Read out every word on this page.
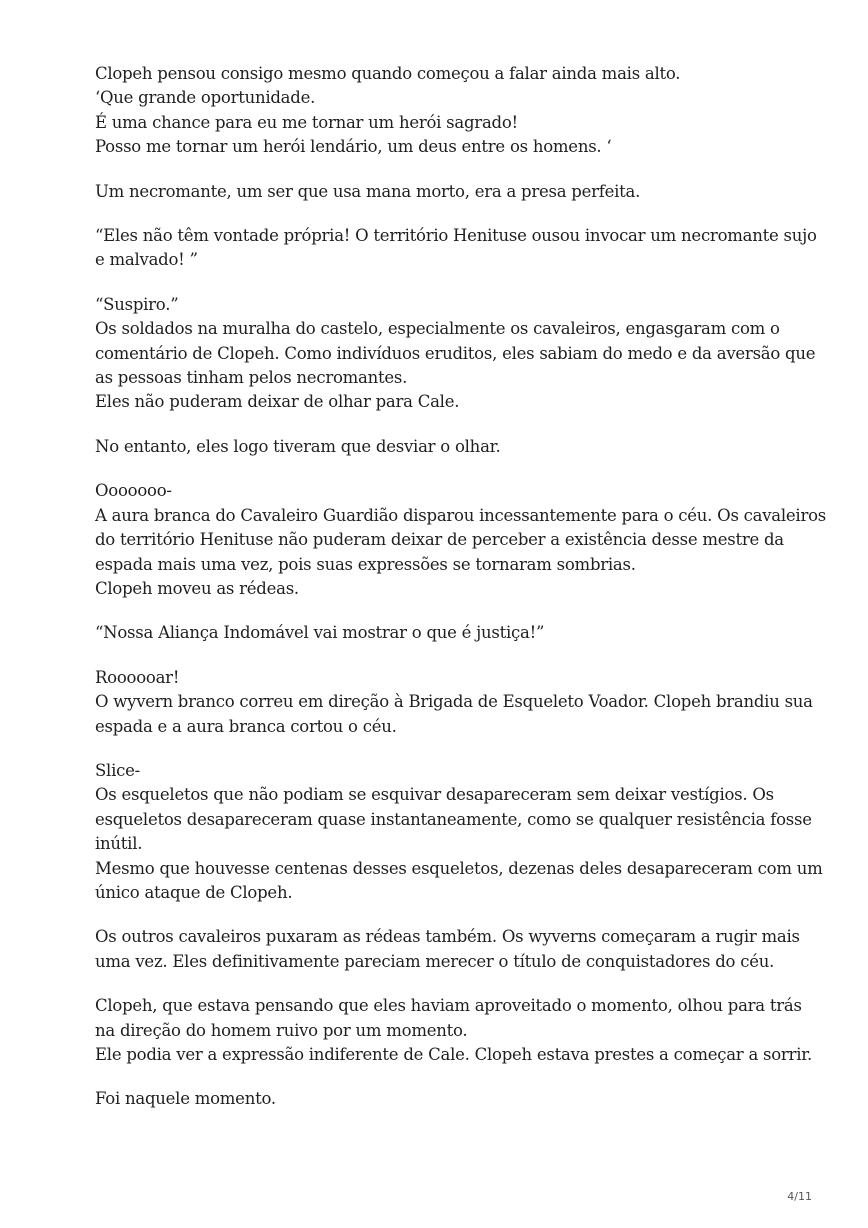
Clopeh pensou consigo mesmo quando começou a falar ainda mais alto.
‘Que grande oportunidade.
É uma chance para eu me tornar um herói sagrado!
Posso me tornar um herói lendário, um deus entre os homens. ‘

Um necromante, um ser que usa mana morto, era a presa perfeita.

“Eles não têm vontade própria! O território Henituse ousou invocar um necromante sujo
e malvado! ”

“Suspiro.”
Os soldados na muralha do castelo, especialmente os cavaleiros, engasgaram com o
comentário de Clopeh. Como indivíduos eruditos, eles sabiam do medo e da aversão que
as pessoas tinham pelos necromantes.
Eles não puderam deixar de olhar para Cale.

No entanto, eles logo tiveram que desviar o olhar.

Ooooooo-
A aura branca do Cavaleiro Guardião disparou incessantemente para o céu. Os cavaleiros
do território Henituse não puderam deixar de perceber a existência desse mestre da
espada mais uma vez, pois suas expressões se tornaram sombrias.
Clopeh moveu as rédeas.

“Nossa Aliança Indomável vai mostrar o que é justiça!”

Roooooar!
O wyvern branco correu em direção à Brigada de Esqueleto Voador. Clopeh brandiu sua
espada e a aura branca cortou o céu.

Slice-
Os esqueletos que não podiam se esquivar desapareceram sem deixar vestígios. Os
esqueletos desapareceram quase instantaneamente, como se qualquer resistência fosse
inútil.
Mesmo que houvesse centenas desses esqueletos, dezenas deles desapareceram com um
único ataque de Clopeh.

Os outros cavaleiros puxaram as rédeas também. Os wyverns começaram a rugir mais
uma vez. Eles definitivamente pareciam merecer o título de conquistadores do céu.

Clopeh, que estava pensando que eles haviam aproveitado o momento, olhou para trás
na direção do homem ruivo por um momento.
Ele podia ver a expressão indiferente de Cale. Clopeh estava prestes a começar a sorrir.

Foi naquele momento.

4/11
